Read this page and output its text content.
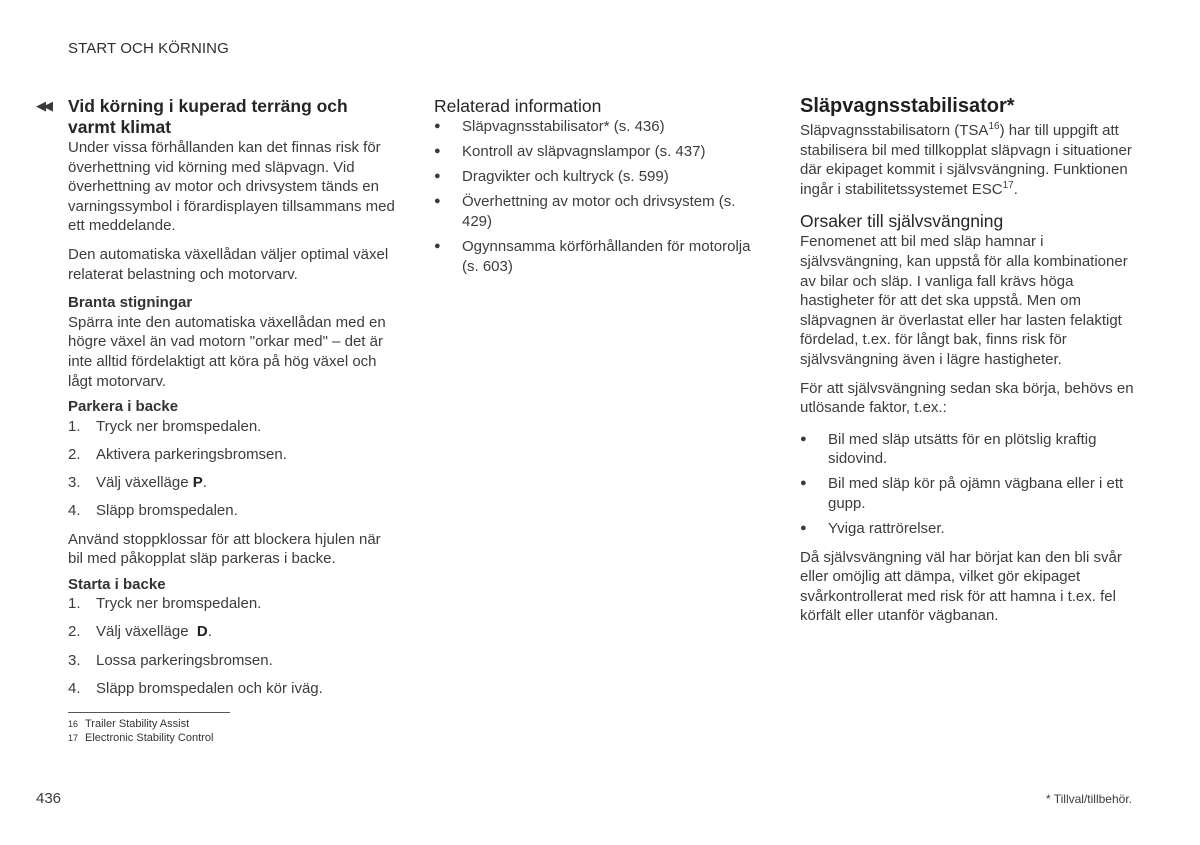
START OCH KÖRNING
◀◀ Vid körning i kuperad terräng och varmt klimat

Under vissa förhållanden kan det finnas risk för överhettning vid körning med släpvagn. Vid överhettning av motor och drivsystem tänds en varningssymbol i förardisplayen tillsammans med ett meddelande.

Den automatiska växellådan väljer optimal växel relaterat belastning och motorvarv.

Branta stigningar

Spärra inte den automatiska växellådan med en högre växel än vad motorn "orkar med" – det är inte alltid fördelaktigt att köra på hög växel och lågt motorvarv.

Parkera i backe
1.	Tryck ner bromspedalen.
2.	Aktivera parkeringsbromsen.
3.	Välj växelläge P.
4.	Släpp bromspedalen.

Använd stoppklossar för att blockera hjulen när bil med påkopplat släp parkeras i backe.

Starta i backe
1.	Tryck ner bromspedalen.
2.	Välj växelläge  D.
3.	Lossa parkeringsbromsen.
4.	Släpp bromspedalen och kör iväg.
Relaterad information
●	Släpvagnsstabilisator* (s. 436)
●	Kontroll av släpvagnslampor (s. 437)
●	Dragvikter och kultryck (s. 599)
●	Överhettning av motor och drivsystem (s. 429)
●	Ogynnsamma körförhållanden för motorolja (s. 603)
Släpvagnsstabilisator*

Släpvagnsstabilisatorn (TSA$^{16}$) har till uppgift att stabilisera bil med tillkopplat släpvagn i situationer där ekipaget kommit i självsvängning. Funktionen ingår i stabilitetssystemet ESC$^{17}$.

Orsaker till självsvängning

Fenomenet att bil med släp hamnar i självsvängning, kan uppstå för alla kombinationer av bilar och släp. I vanliga fall krävs höga hastigheter för att det ska uppstå. Men om släpvagnen är överlastat eller har lasten felaktigt fördelad, t.ex. för långt bak, finns risk för självsvängning även i lägre hastigheter.

För att självsvängning sedan ska börja, behövs en utlösande faktor, t.ex.:

●	Bil med släp utsätts för en plötslig kraftig sidovind.
●	Bil med släp kör på ojämn vägbana eller i ett gupp.
●	Yviga rattrörelser.

Då självsvängning väl har börjat kan den bli svår eller omöjlig att dämpa, vilket gör ekipaget svårkontrollerat med risk för att hamna i t.ex. fel körfält eller utanför vägbanan.

16 Trailer Stability Assist
17 Electronic Stability Control
436	* Tillval/tillbehör.
